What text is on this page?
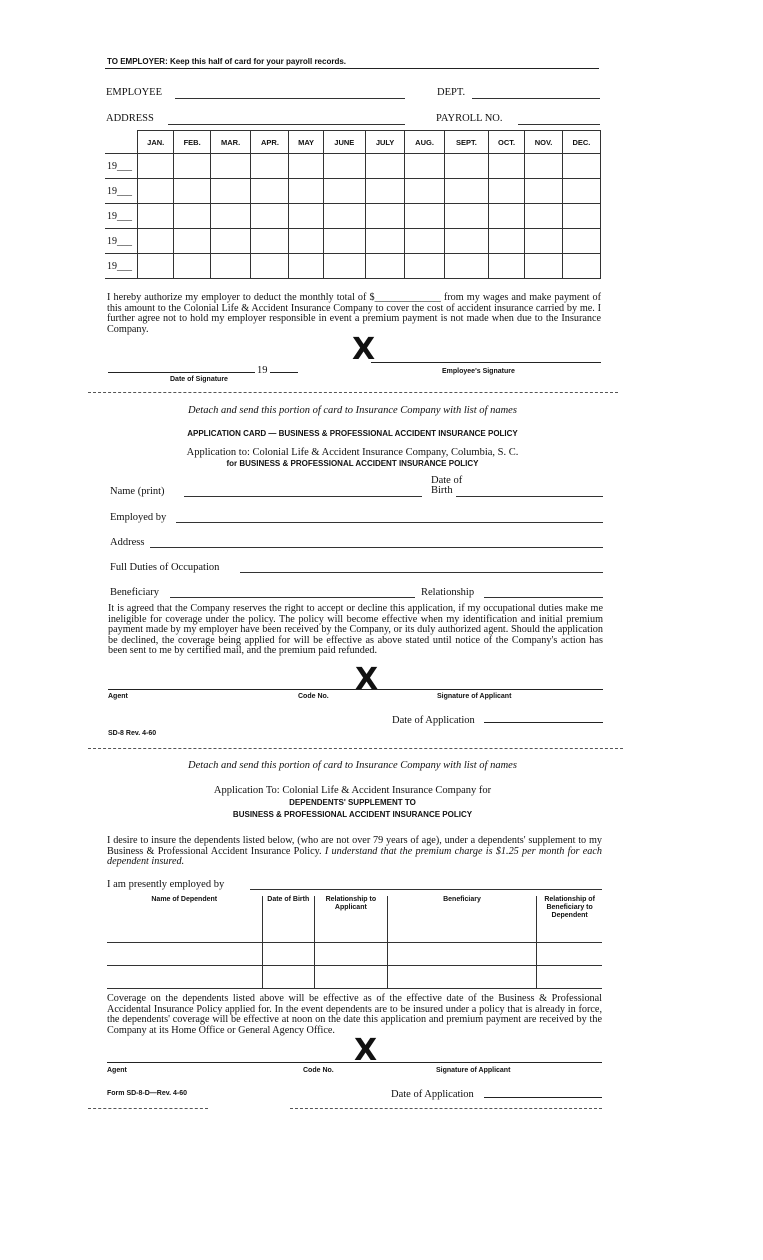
TO EMPLOYER: Keep this half of card for your payroll records.
EMPLOYEE	DEPT.
ADDRESS	PAYROLL NO.
	JAN.	FEB.	MAR.	APR.	MAY	JUNE	JULY	AUG.	SEPT.	OCT.	NOV.	DEC.
19___												
19___												
19___												
19___												
19___												
I hereby authorize my employer to deduct the monthly total of $_____________ from my wages and make payment of this amount to the Colonial Life & Accident Insurance Company to cover the cost of accident insurance carried by me. I further agree not to hold my employer responsible in event a premium payment is not made when due to the Insurance Company.
19
Date of Signature
X
Employee's Signature
Detach and send this portion of card to Insurance Company with list of names
APPLICATION CARD — BUSINESS & PROFESSIONAL ACCIDENT INSURANCE POLICY
Application to: Colonial Life & Accident Insurance Company, Columbia, S. C.
for BUSINESS & PROFESSIONAL ACCIDENT INSURANCE POLICY
Name (print)
Date of
Birth
Employed by
Address
Full Duties of Occupation
Beneficiary	Relationship
It is agreed that the Company reserves the right to accept or decline this application, if my occupational duties make me ineligible for coverage under the policy. The policy will become effective when my identification and initial premium payment made by my employer have been received by the Company, or its duly authorized agent. Should the application be declined, the coverage being applied for will be effective as above stated until notice of the Company's action has been sent to me by certified mail, and the premium paid refunded.
X
Agent	Code No.	Signature of Applicant
Date of Application
SD-8 Rev. 4-60
Detach and send this portion of card to Insurance Company with list of names
Application To: Colonial Life & Accident Insurance Company for
DEPENDENTS' SUPPLEMENT TO
BUSINESS & PROFESSIONAL ACCIDENT INSURANCE POLICY
I desire to insure the dependents listed below, (who are not over 79 years of age), under a dependents' supplement to my Business & Professional Accident Insurance Policy. I understand that the premium charge is $1.25 per month for each dependent insured.
I am presently employed by
Name of Dependent	Date of Birth	Relationship to Applicant	Beneficiary	Relationship of Beneficiary to Dependent

Coverage on the dependents listed above will be effective as of the effective date of the Business & Professional Accidental Insurance Policy applied for. In the event dependents are to be insured under a policy that is already in force, the dependents' coverage will be effective at noon on the date this application and premium payment are received by the Company at its Home Office or General Agency Office.
X
Agent	Code No.	Signature of Applicant
Form SD-8-D—Rev. 4-60	Date of Application
